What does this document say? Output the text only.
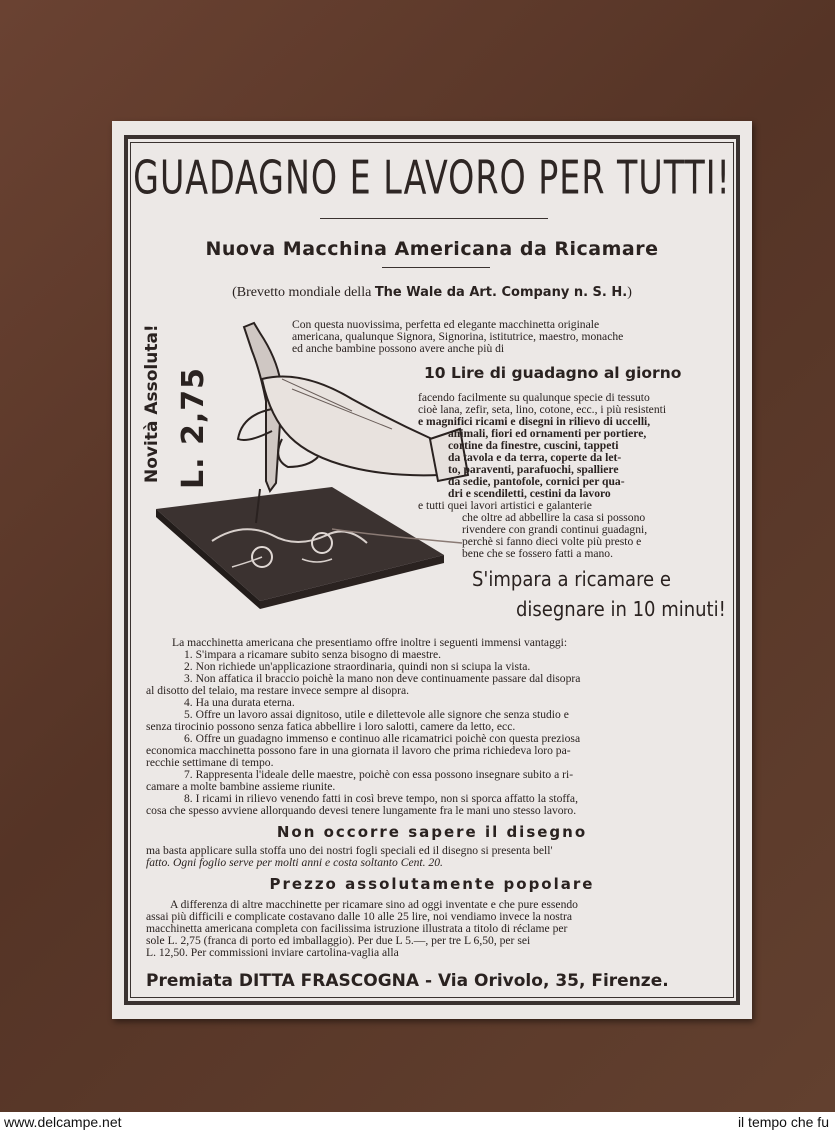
GUADAGNO E LAVORO PER TUTTI!
Nuova Macchina Americana da Ricamare
(Brevetto mondiale della The Wale da Art. Company n. S. H.)
Novità Assoluta! L. 2,75
Con questa nuovissima, perfetta ed elegante macchinetta originale
americana, qualunque Signora, Signorina, istitutrice, maestro, monache
ed anche bambine possono avere anche più di
10 Lire di guadagno al giorno
facendo facilmente su qualunque specie di tessuto
cioè lana, zefir, seta, lino, cotone, ecc., i più resistenti
e magnifici ricami e disegni in rilievo di uccelli,
animali, fiori ed ornamenti per portiere,
cortine da finestre, cuscini, tappeti
da tavola e da terra, coperte da let-
to, paraventi, parafuochi, spalliere
da sedie, pantofole, cornici per qua-
dri e scendiletti, cestini da lavoro
e tutti quei lavori artistici e galanterie
che oltre ad abbellire la casa si possono
rivendere con grandi continui guadagni,
perchè si fanno dieci volte più presto e
bene che se fossero fatti a mano.
S'impara a ricamare e
disegnare in 10 minuti!
La macchinetta americana che presentiamo offre inoltre i seguenti immensi vantaggi:
1. S'impara a ricamare subito senza bisogno di maestre.
2. Non richiede un'applicazione straordinaria, quindi non si sciupa la vista.
3. Non affatica il braccio poichè la mano non deve continuamente passare dal disopra
al disotto del telaio, ma restare invece sempre al disopra.
4. Ha una durata eterna.
5. Offre un lavoro assai dignitoso, utile e dilettevole alle signore che senza studio e
senza tirocinio possono senza fatica abbellire i loro salotti, camere da letto, ecc.
6. Offre un guadagno immenso e continuo alle ricamatrici poichè con questa preziosa
economica macchinetta possono fare in una giornata il lavoro che prima richiedeva loro pa-
recchie settimane di tempo.
7. Rappresenta l'ideale delle maestre, poichè con essa possono insegnare subito a ri-
camare a molte bambine assieme riunite.
8. I ricami in rilievo venendo fatti in così breve tempo, non si sporca affatto la stoffa,
cosa che spesso avviene allorquando devesi tenere lungamente fra le mani uno stesso lavoro.
Non occorre sapere il disegno
ma basta applicare sulla stoffa uno dei nostri fogli speciali ed il disegno si presenta bell'
fatto. Ogni foglio serve per molti anni e costa soltanto Cent. 20.
Prezzo assolutamente popolare
A differenza di altre macchinette per ricamare sino ad oggi inventate e che pure essendo
assai più difficili e complicate costavano dalle 10 alle 25 lire, noi vendiamo invece la nostra
macchinetta americana completa con facilissima istruzione illustrata a titolo di réclame per
sole L. 2,75 (franca di porto ed imballaggio). Per due L 5.—, per tre L 6,50, per sei
L. 12,50. Per commissioni inviare cartolina-vaglia alla
Premiata DITTA FRASCOGNA - Via Orivolo, 35, Firenze.
www.delcampe.net	il tempo che fu
